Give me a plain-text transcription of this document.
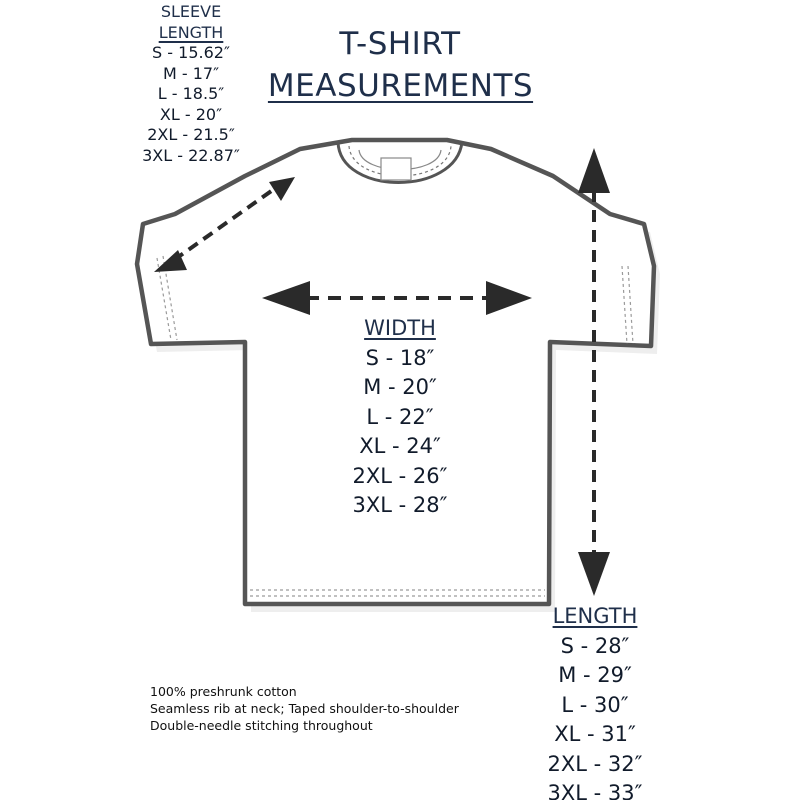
T-SHIRT
MEASUREMENTS
SLEEVE
LENGTH
S - 15.62″
M - 17″
L - 18.5″
XL - 20″
2XL - 21.5″
3XL - 22.87″
WIDTH
S - 18″
M - 20″
L - 22″
XL - 24″
2XL - 26″
3XL - 28″
LENGTH
S - 28″
M - 29″
L - 30″
XL - 31″
2XL - 32″
3XL - 33″
100% preshrunk cotton
Seamless rib at neck; Taped shoulder-to-shoulder
Double-needle stitching throughout
